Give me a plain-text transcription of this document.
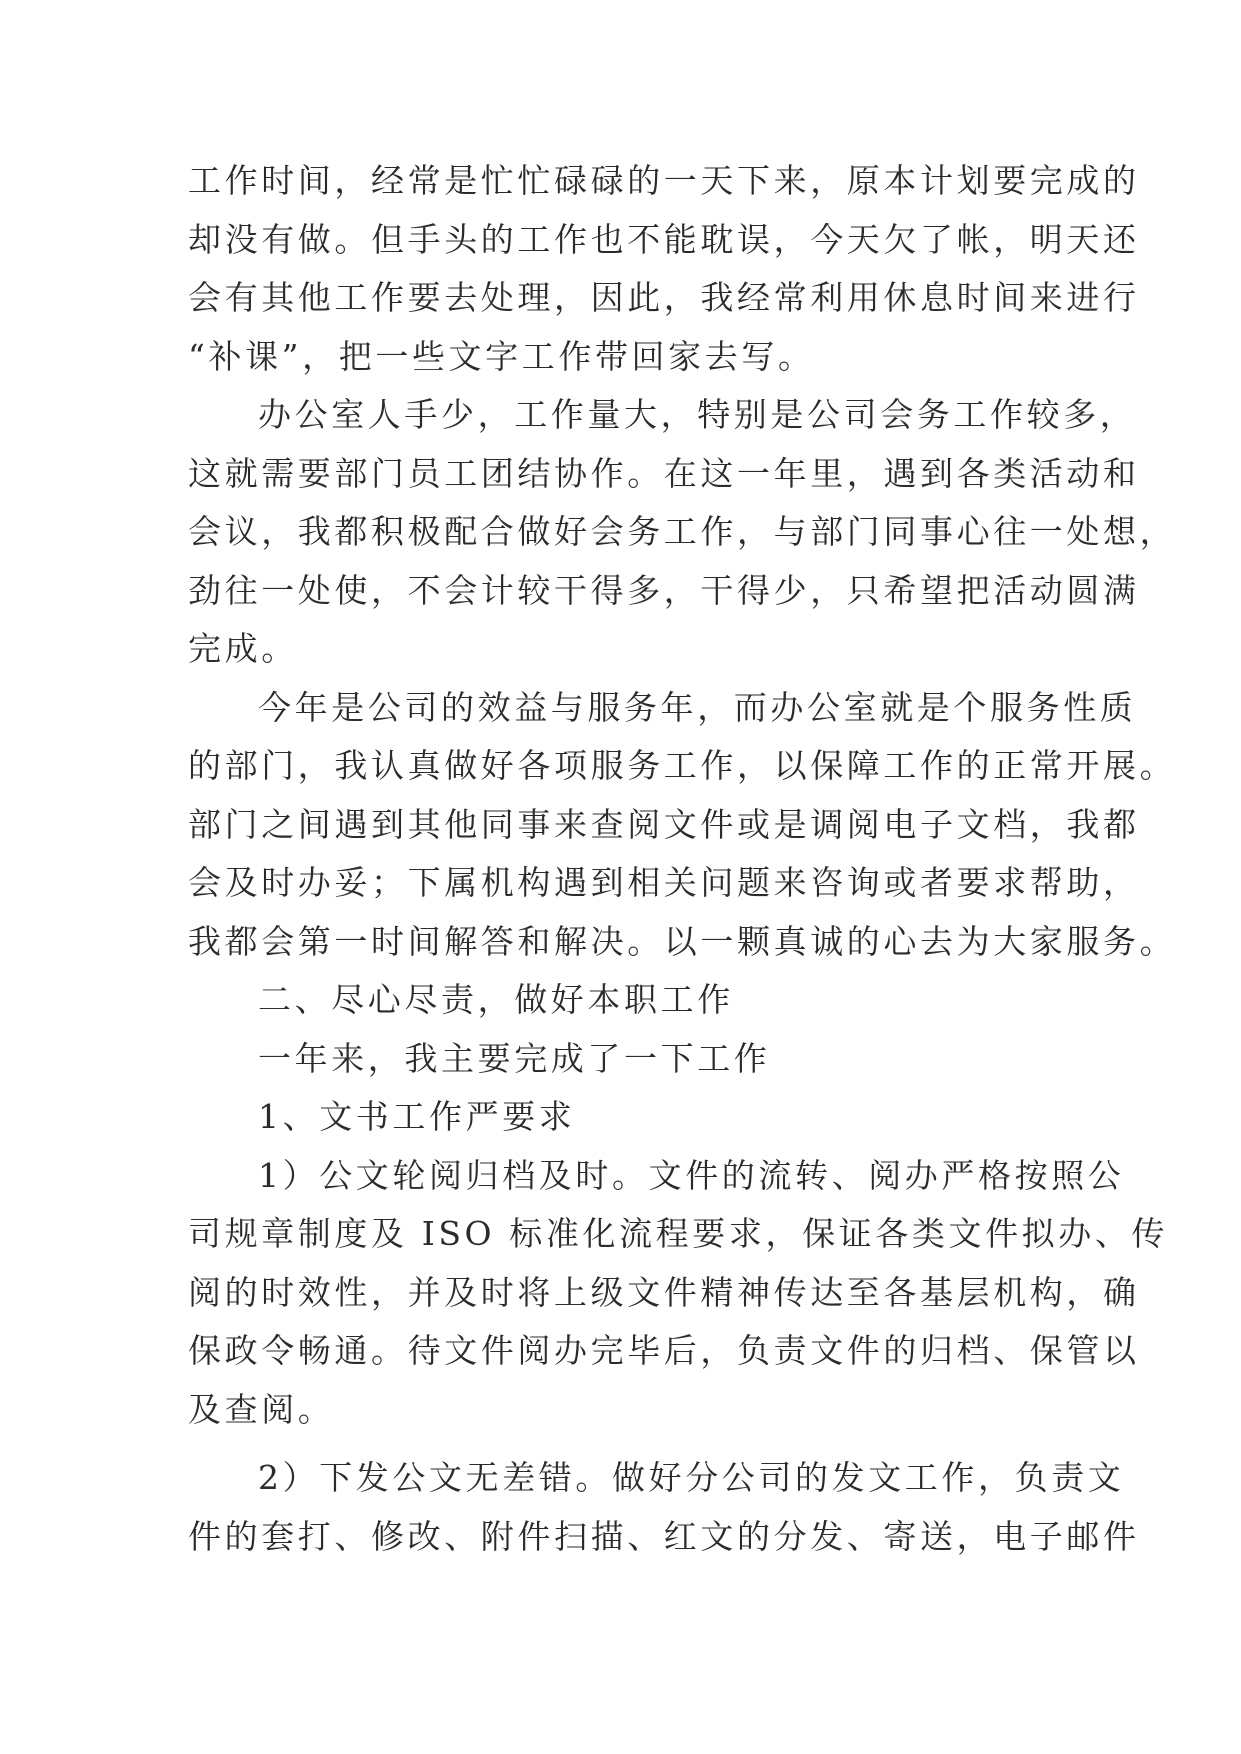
工作时间，经常是忙忙碌碌的一天下来，原本计划要完成的
却没有做。但手头的工作也不能耽误，今天欠了帐，明天还
会有其他工作要去处理，因此，我经常利用休息时间来进行
“补课”，把一些文字工作带回家去写。
办公室人手少，工作量大，特别是公司会务工作较多，
这就需要部门员工团结协作。在这一年里，遇到各类活动和
会议，我都积极配合做好会务工作，与部门同事心往一处想，
劲往一处使，不会计较干得多，干得少，只希望把活动圆满
完成。
今年是公司的效益与服务年，而办公室就是个服务性质
的部门，我认真做好各项服务工作，以保障工作的正常开展。
部门之间遇到其他同事来查阅文件或是调阅电子文档，我都
会及时办妥；下属机构遇到相关问题来咨询或者要求帮助，
我都会第一时间解答和解决。以一颗真诚的心去为大家服务。
二、尽心尽责，做好本职工作
一年来，我主要完成了一下工作
1、文书工作严要求
1）公文轮阅归档及时。文件的流转、阅办严格按照公
司规章制度及 ISO 标准化流程要求，保证各类文件拟办、传
阅的时效性，并及时将上级文件精神传达至各基层机构，确
保政令畅通。待文件阅办完毕后，负责文件的归档、保管以
及查阅。
2）下发公文无差错。做好分公司的发文工作，负责文
件的套打、修改、附件扫描、红文的分发、寄送，电子邮件
